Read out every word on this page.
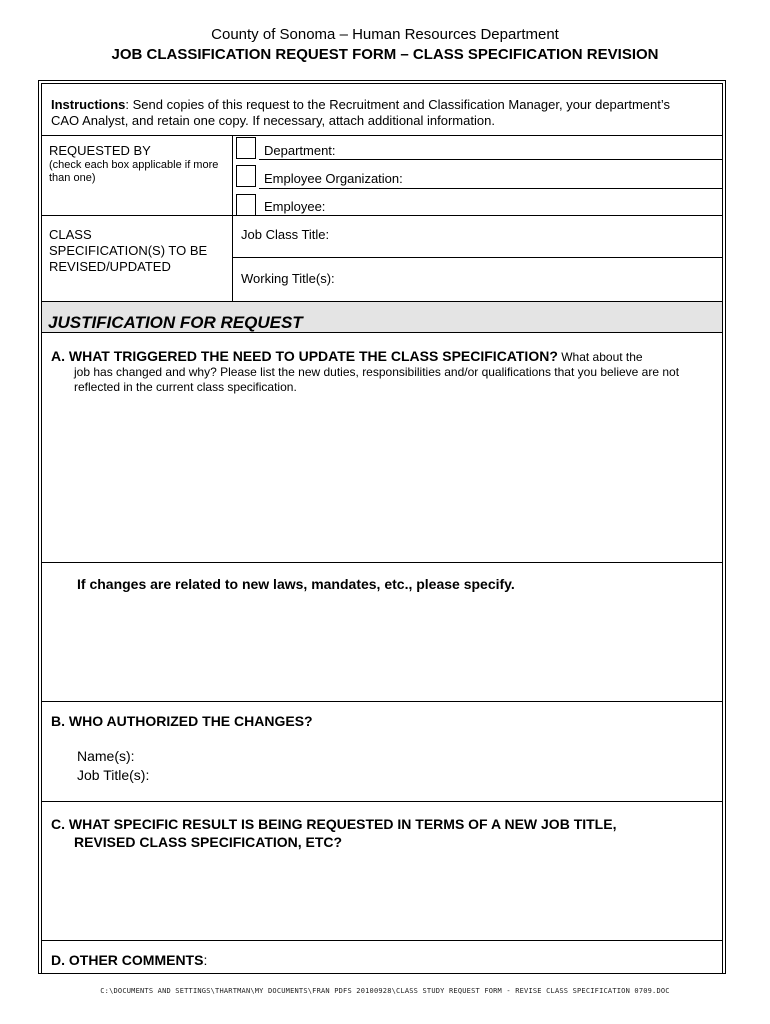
County of Sonoma – Human Resources Department
JOB CLASSIFICATION REQUEST FORM – CLASS SPECIFICATION REVISION
Instructions: Send copies of this request to the Recruitment and Classification Manager, your department’s
CAO Analyst, and retain one copy. If necessary, attach additional information.
REQUESTED BY
(check each box applicable if more
than one)
Department:
Employee Organization:
Employee:
CLASS
SPECIFICATION(S) TO BE
REVISED/UPDATED
Job Class Title:
Working Title(s):
JUSTIFICATION FOR REQUEST
A. WHAT TRIGGERED THE NEED TO UPDATE THE CLASS SPECIFICATION? What about the
job has changed and why? Please list the new duties, responsibilities and/or qualifications that you believe are not
reflected in the current class specification.
If changes are related to new laws, mandates, etc., please specify.
B. WHO AUTHORIZED THE CHANGES?
Name(s):
Job Title(s):
C. WHAT SPECIFIC RESULT IS BEING REQUESTED IN TERMS OF A NEW JOB TITLE,
REVISED CLASS SPECIFICATION, ETC?
D. OTHER COMMENTS:
C:\DOCUMENTS AND SETTINGS\THARTMAN\MY DOCUMENTS\FRAN PDFS 20100928\CLASS STUDY REQUEST FORM - REVISE CLASS SPECIFICATION 0709.DOC
